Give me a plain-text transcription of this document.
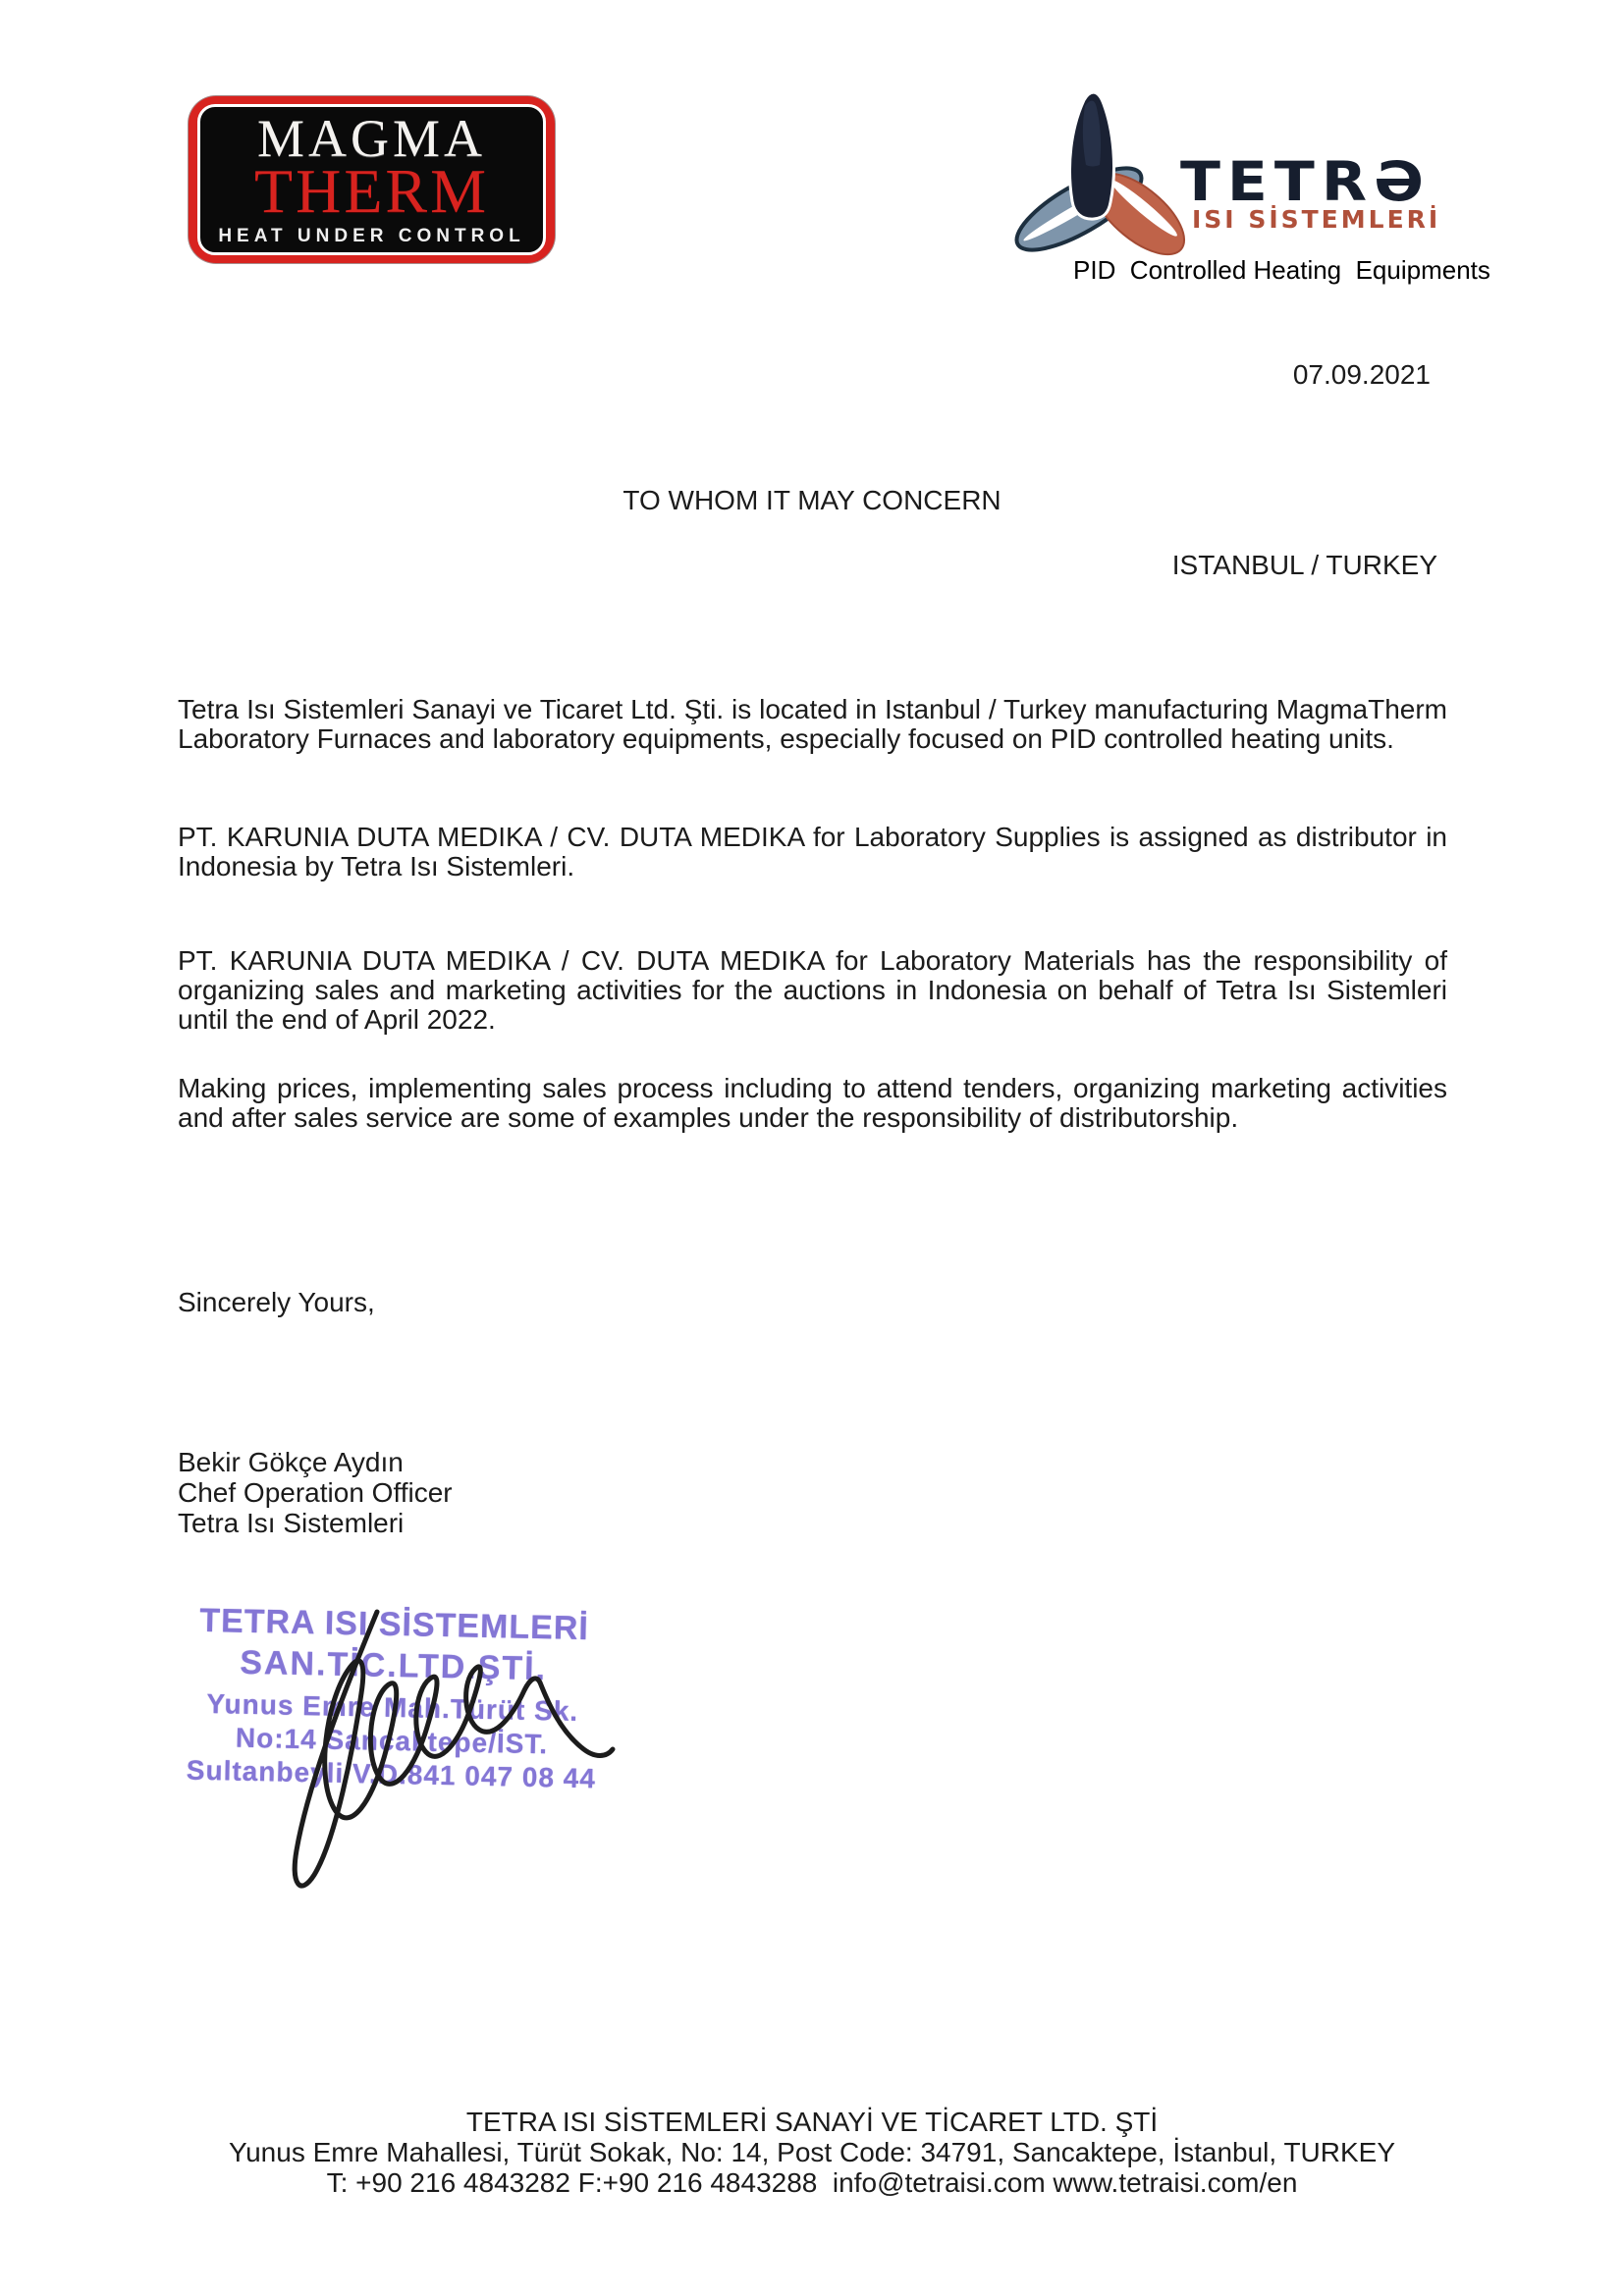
MAGMA
THERM
HEAT UNDER CONTROL
TETRƏ
ISI SİSTEMLERİ
PID  Controlled Heating  Equipments
07.09.2021
TO WHOM IT MAY CONCERN
ISTANBUL / TURKEY
Tetra Isı Sistemleri Sanayi ve Ticaret Ltd. Şti. is located in Istanbul / Turkey manufacturing MagmaTherm Laboratory Furnaces and laboratory equipments, especially focused on PID controlled heating units.
PT. KARUNIA DUTA MEDIKA / CV. DUTA MEDIKA for Laboratory Supplies is assigned as distributor in Indonesia by Tetra Isı Sistemleri.
PT. KARUNIA DUTA MEDIKA / CV. DUTA MEDIKA for Laboratory Materials has the responsibility of organizing sales and marketing activities for the auctions in Indonesia on behalf of Tetra Isı Sistemleri until the end of April 2022.
Making prices, implementing sales process including to attend tenders, organizing marketing activities and after sales service are some of examples under the responsibility of distributorship.
Sincerely Yours,
Bekir Gökçe Aydın
Chef Operation Officer
Tetra Isı Sistemleri
TETRA ISI SİSTEMLERİ
SAN.TİC.LTD.ŞTİ.
Yunus Emre Mah.Türüt Sk.
No:14 Sancaktepe/İST.
Sultanbeyli V.D.841 047 08 44
TETRA ISI SİSTEMLERİ SANAYİ VE TİCARET LTD. ŞTİ
Yunus Emre Mahallesi, Türüt Sokak, No: 14, Post Code: 34791, Sancaktepe, İstanbul, TURKEY
T: +90 216 4843282 F:+90 216 4843288  info@tetraisi.com www.tetraisi.com/en
